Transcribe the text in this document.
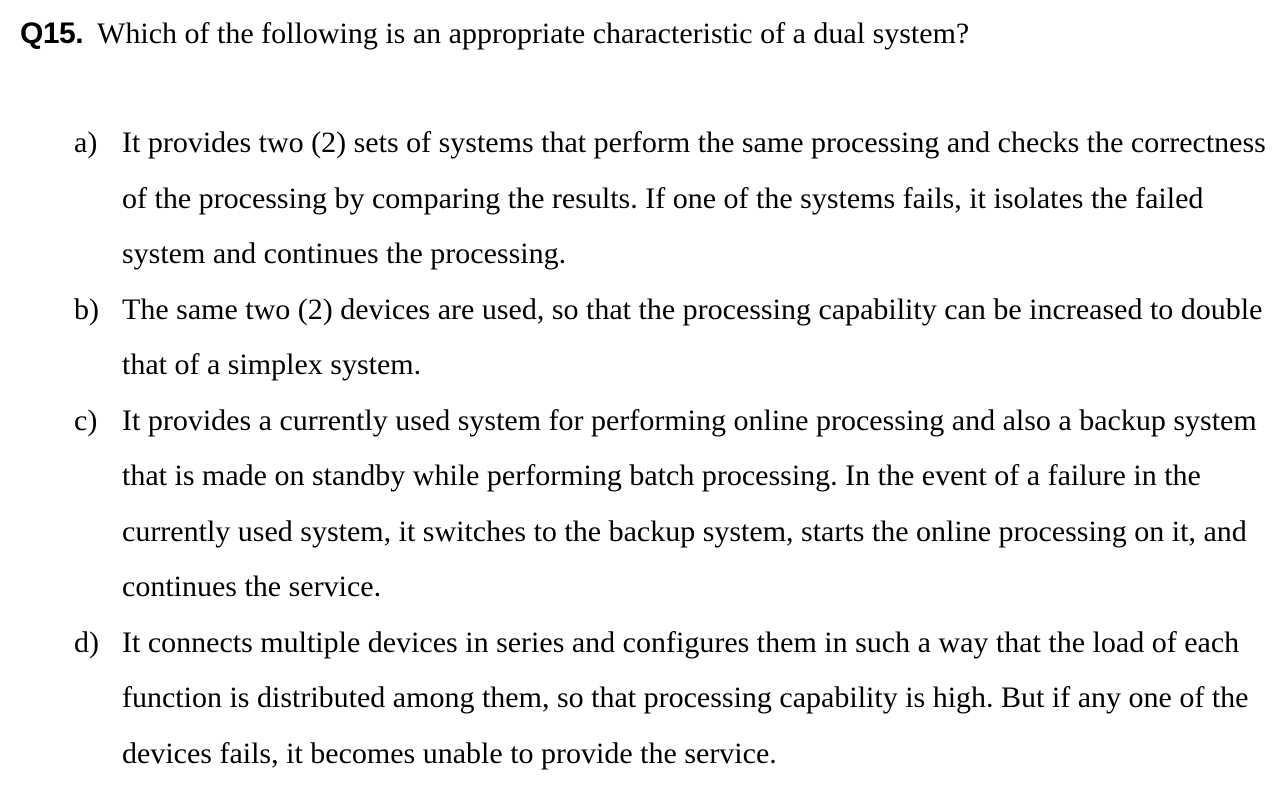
Q15. Which of the following is an appropriate characteristic of a dual system?
a) It provides two (2) sets of systems that perform the same processing and checks the correctness of the processing by comparing the results. If one of the systems fails, it isolates the failed system and continues the processing.
b) The same two (2) devices are used, so that the processing capability can be increased to double that of a simplex system.
c) It provides a currently used system for performing online processing and also a backup system that is made on standby while performing batch processing. In the event of a failure in the currently used system, it switches to the backup system, starts the online processing on it, and continues the service.
d) It connects multiple devices in series and configures them in such a way that the load of each function is distributed among them, so that processing capability is high. But if any one of the devices fails, it becomes unable to provide the service.
